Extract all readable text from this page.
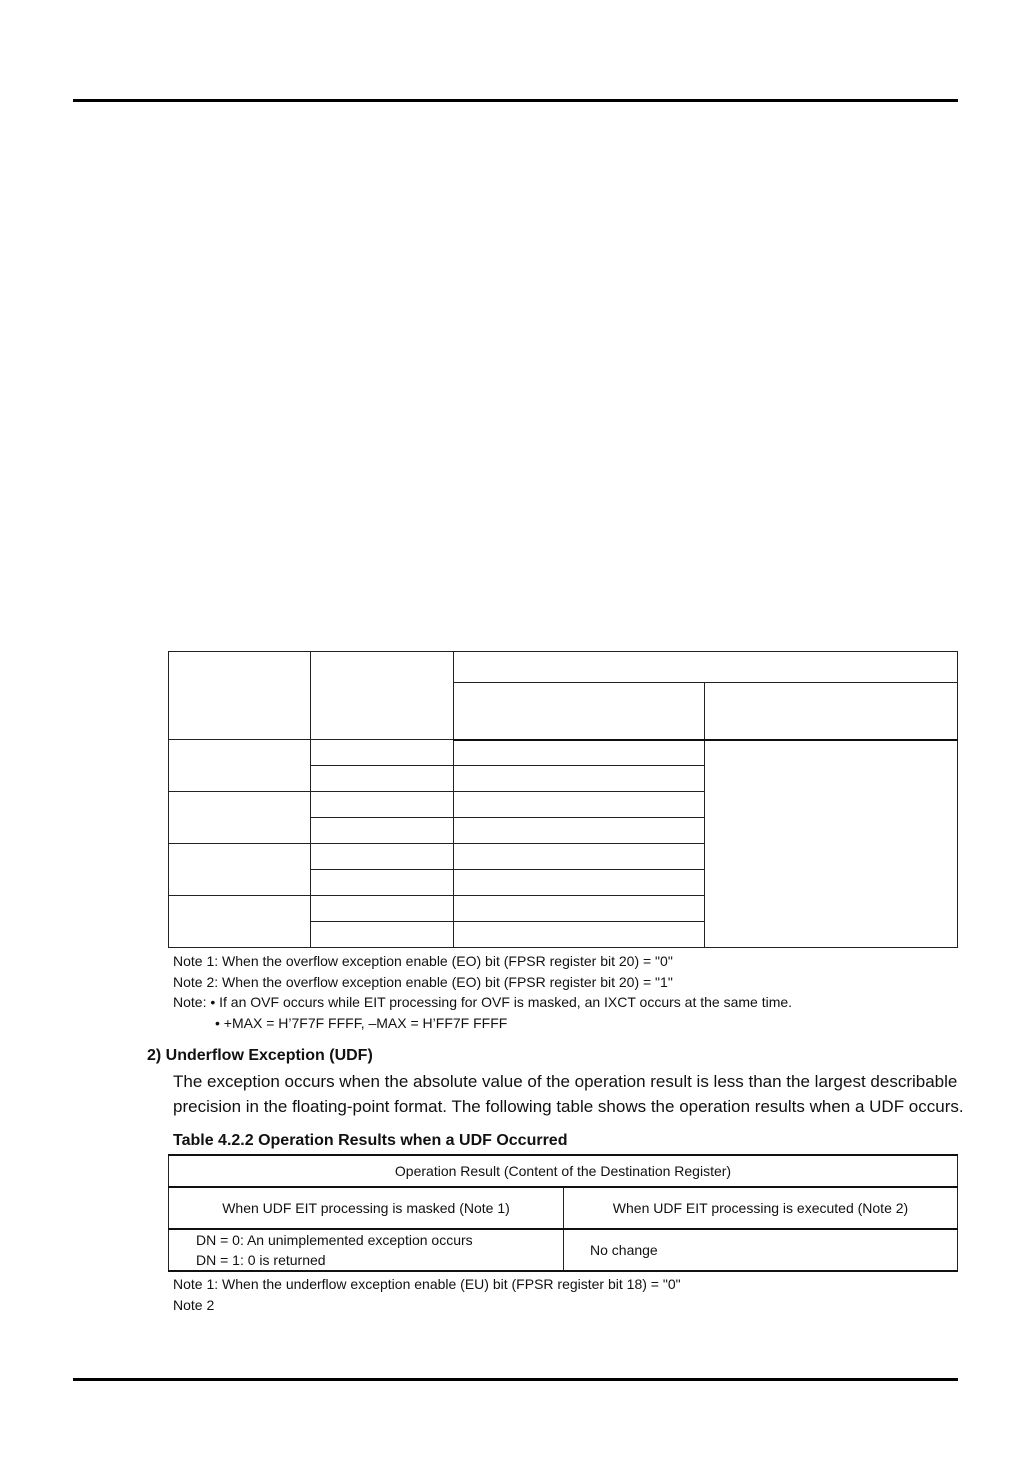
Note 1: When the overflow exception enable (EO) bit (FPSR register bit 20) = "0"
Note 2: When the overflow exception enable (EO) bit (FPSR register bit 20) = "1"
Note: • If an OVF occurs while EIT processing for OVF is masked, an IXCT occurs at the same time.
• +MAX = H’7F7F FFFF, –MAX = H’FF7F FFFF
2) Underflow Exception (UDF)
The exception occurs when the absolute value of the operation result is less than the largest describable
precision in the floating-point format. The following table shows the operation results when a UDF occurs.
Table 4.2.2 Operation Results when a UDF Occurred
Operation Result (Content of the Destination Register)	
When UDF EIT processing is masked (Note 1)	When UDF EIT processing is executed (Note 2)

DN = 0: An unimplemented exception occurs
DN = 1: 0 is returned	No change
Note 1: When the underflow exception enable (EU) bit (FPSR register bit 18) = "0"
Note 2
